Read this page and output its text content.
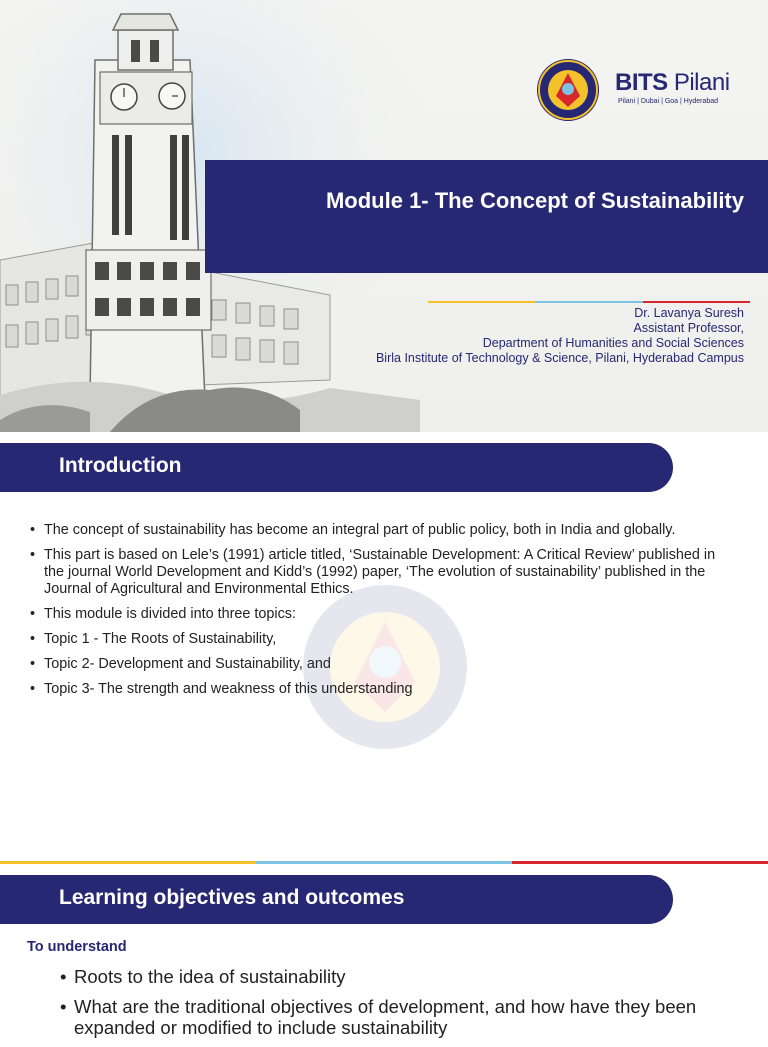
BITS Pilani
Pilani | Dubai | Goa | Hyderabad
Module 1- The Concept of Sustainability
Dr. Lavanya Suresh
Assistant Professor,
Department of Humanities and Social Sciences
Birla Institute of Technology & Science, Pilani, Hyderabad Campus
Introduction
• The concept of sustainability has become an integral part of public policy, both in India and globally.
• This part is based on Lele’s (1991) article titled, ‘Sustainable Development: A Critical Review’ published in the journal World Development and Kidd’s (1992) paper, ‘The evolution of sustainability’ published in the Journal of Agricultural and Environmental Ethics.
• This module is divided into three topics:
• Topic 1 - The Roots of Sustainability,
• Topic 2- Development and Sustainability, and
• Topic 3- The strength and weakness of this understanding
Learning objectives and outcomes
To understand
• Roots to the idea of sustainability
• What are the traditional objectives of development, and how have they been expanded or modified to include sustainability
